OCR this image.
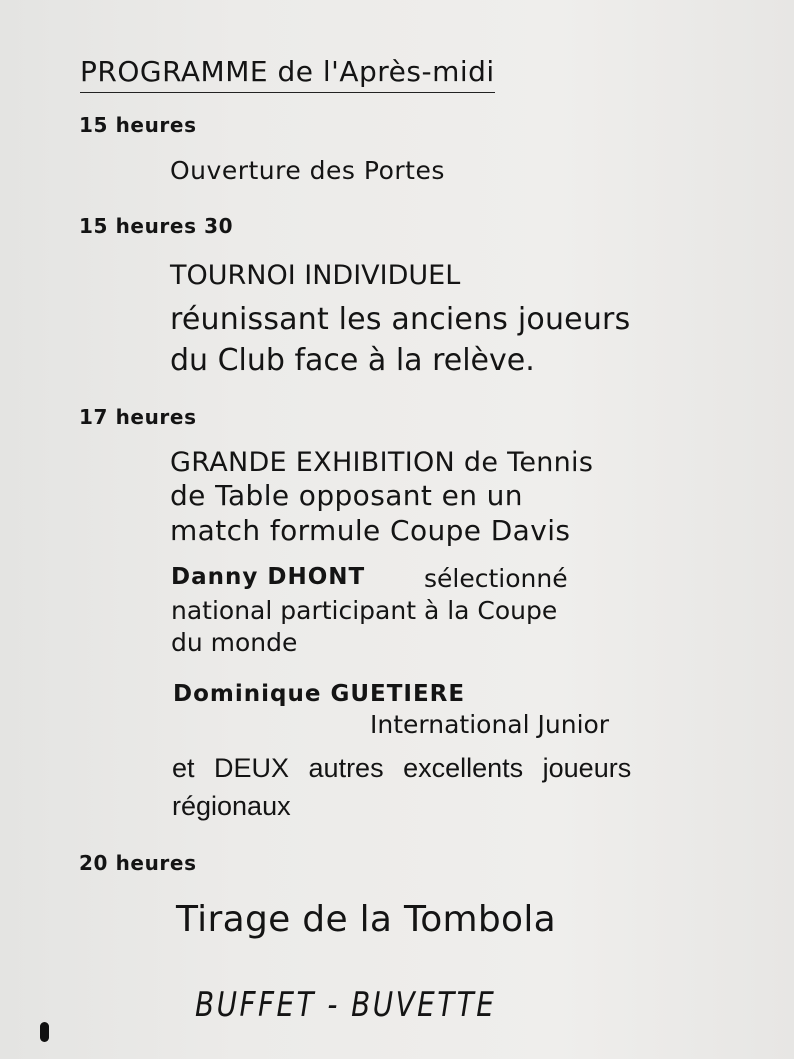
PROGRAMME de l'Après-midi
15 heures
Ouverture des Portes
15 heures 30
TOURNOI INDIVIDUEL
réunissant les anciens joueurs
du Club face à la relève.
17 heures
GRANDE EXHIBITION de Tennis
de Table opposant en un
match formule Coupe Davis
Danny DHONT sélectionné
national participant à la Coupe
du monde
Dominique GUETIERE
International Junior
et DEUX autres excellents joueurs
régionaux
20 heures
Tirage de la Tombola
BUFFET - BUVETTE
